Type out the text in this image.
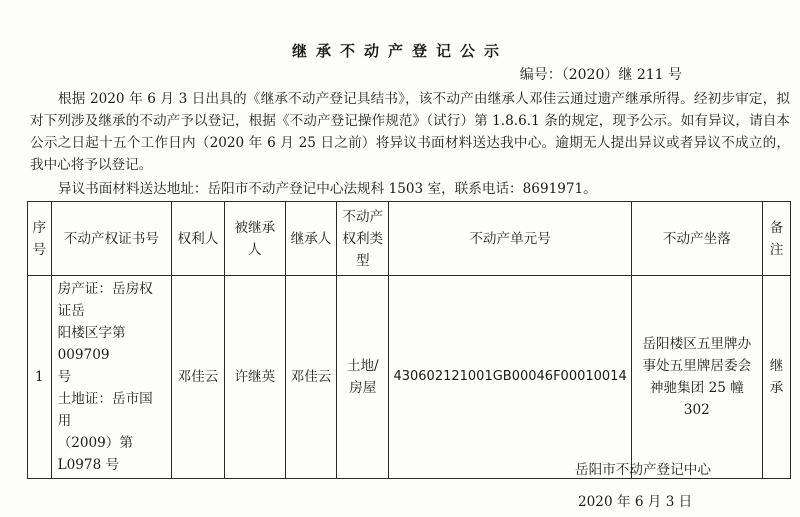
继承不动产登记公示
编号：（2020）继 211 号
根据 2020 年 6 月 3 日出具的《继承不动产登记具结书》，该不动产由继承人邓佳云通过遗产继承所得。经初步审定，拟对下列涉及继承的不动产予以登记，根据《不动产登记操作规范》（试行）第 1.8.6.1 条的规定，现予公示。如有异议，请自本公示之日起十五个工作日内（2020 年 6 月 25 日之前）将异议书面材料送达我中心。逾期无人提出异议或者异议不成立的，我中心将予以登记。
异议书面材料送达地址：岳阳市不动产登记中心法规科 1503 室，联系电话：8691971。
序号	不动产权证书号	权利人	被继承人	继承人	不动产权利类型	不动产单元号	不动产坐落	备注
1	房产证：岳房权证岳
阳楼区字第 009709
号
土地证：岳市国用
（2009）第 L0978 号	邓佳云	许继英	邓佳云	土地/房屋	430602121001GB00046F00010014	岳阳楼区五里牌办事处五里牌居委会神驰集团 25 幢 302	继承
岳阳市不动产登记中心
2020 年 6 月 3 日
